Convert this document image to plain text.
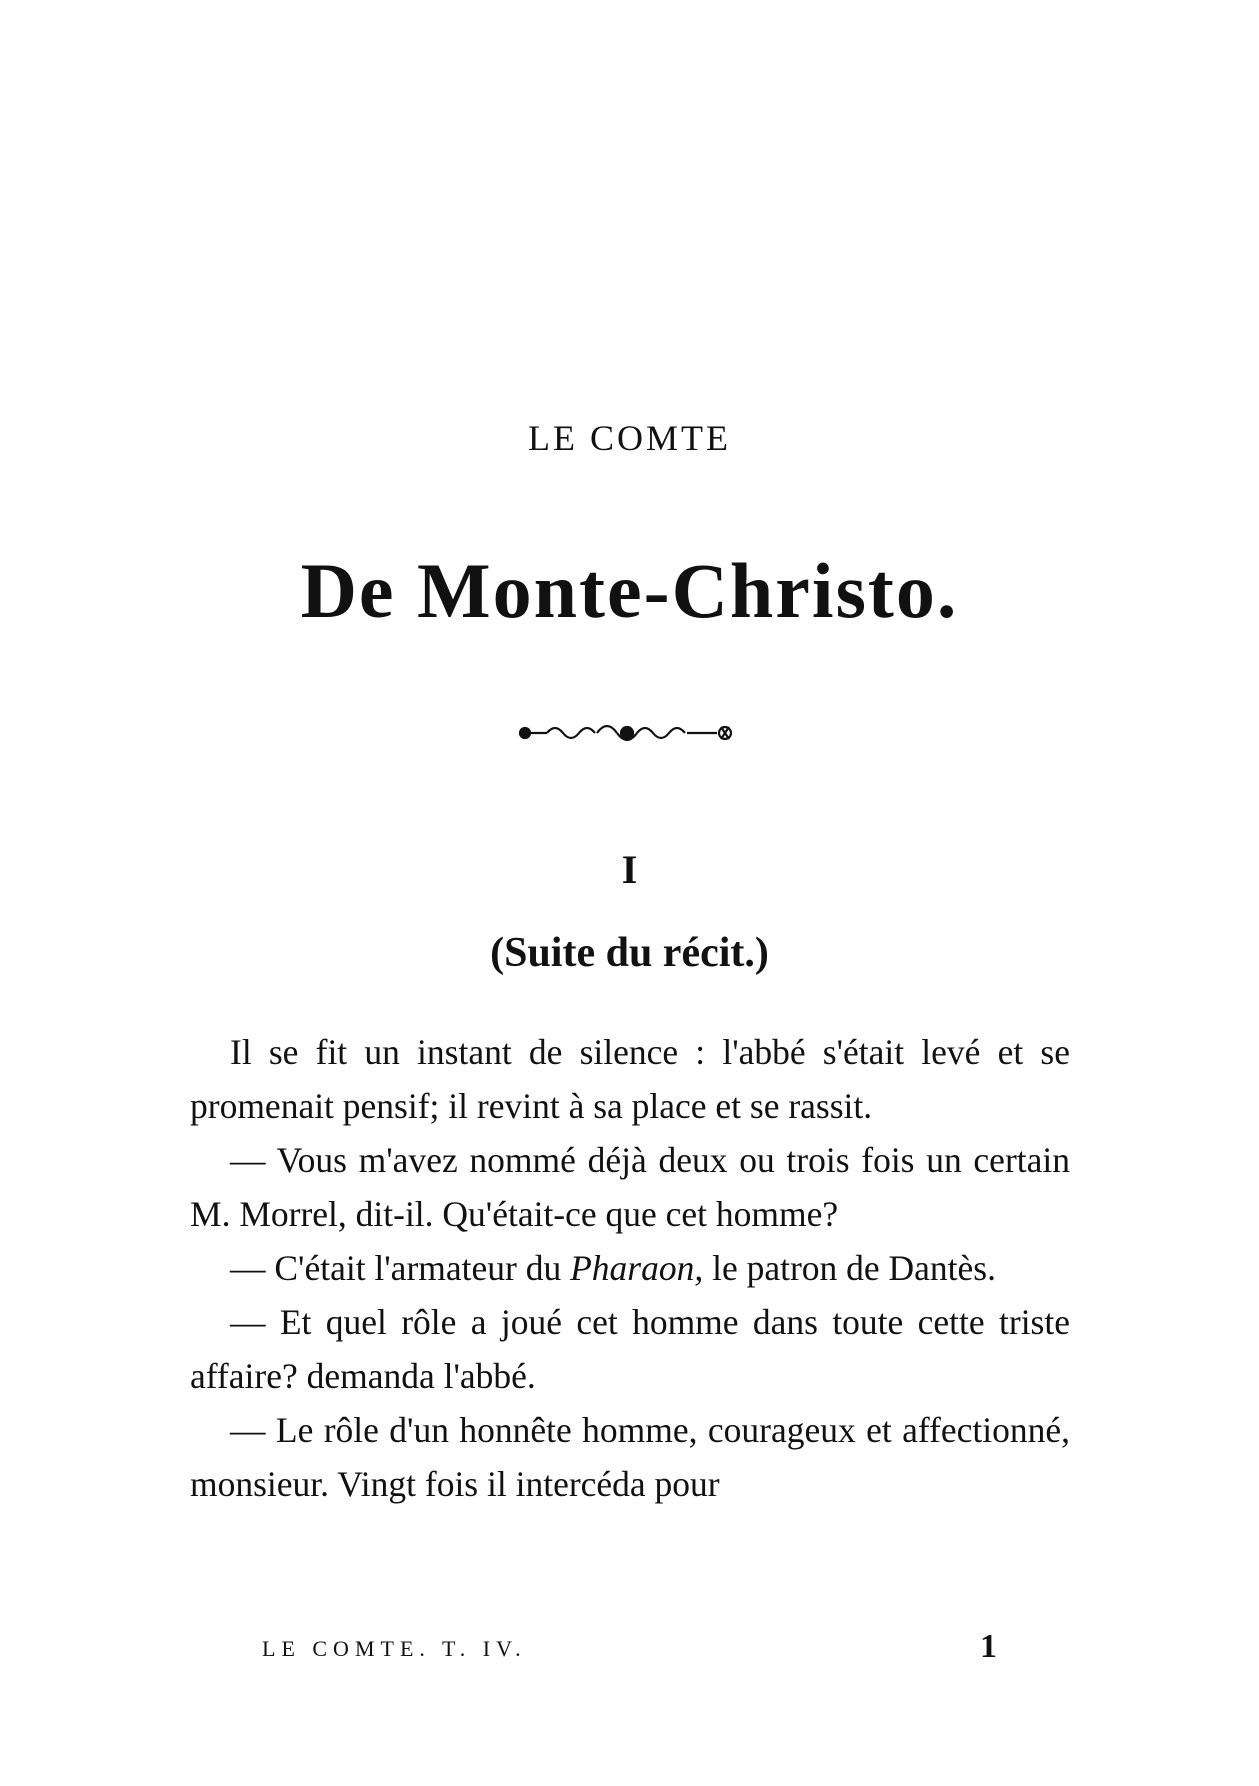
LE COMTE
De Monte-Christo.
I
(Suite du récit.)

Il se fit un instant de silence : l'abbé s'était levé et se promenait pensif; il revint à sa place et se rassit.

— Vous m'avez nommé déjà deux ou trois fois un certain M. Morrel, dit-il. Qu'était-ce que cet homme?

— C'était l'armateur du Pharaon, le patron de Dantès.

— Et quel rôle a joué cet homme dans toute cette triste affaire? demanda l'abbé.

— Le rôle d'un honnête homme, courageux et affectionné, monsieur. Vingt fois il intercéda pour

LE COMTE. T. IV.	1
